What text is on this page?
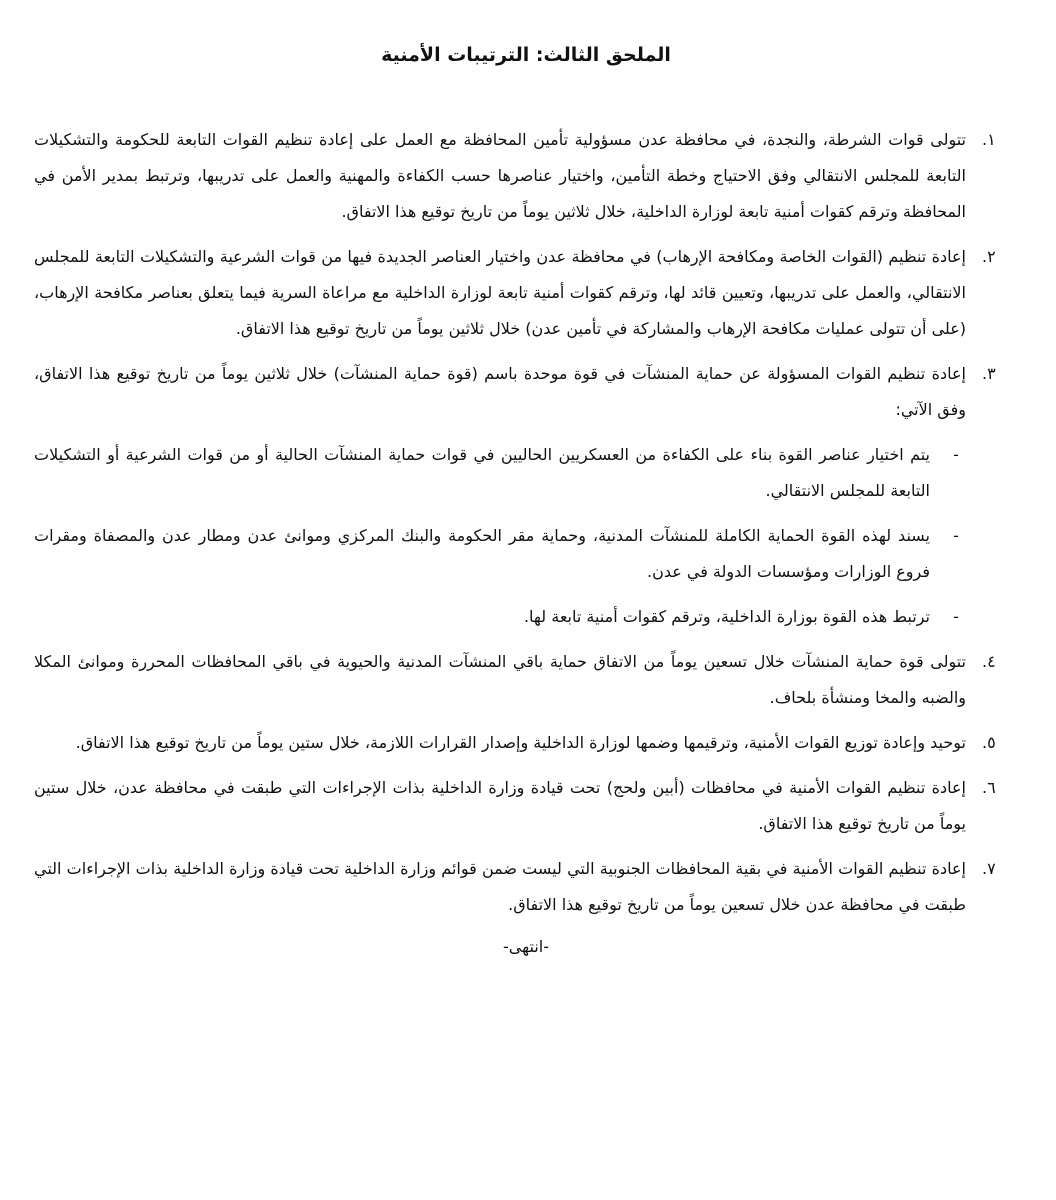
الملحق الثالث: الترتيبات الأمنية
١.
تتولى قوات الشرطة، والنجدة، في محافظة عدن مسؤولية تأمين المحافظة مع العمل على إعادة تنظيم القوات التابعة للحكومة والتشكيلات التابعة للمجلس الانتقالي وفق الاحتياج وخطة التأمين، واختيار عناصرها حسب الكفاءة والمهنية والعمل على تدريبها، وترتبط بمدير الأمن في المحافظة وترقم كقوات أمنية تابعة لوزارة الداخلية، خلال ثلاثين يوماً من تاريخ توقيع هذا الاتفاق.
٢.
إعادة تنظيم (القوات الخاصة ومكافحة الإرهاب) في محافظة عدن واختيار العناصر الجديدة فيها من قوات الشرعية والتشكيلات التابعة للمجلس الانتقالي، والعمل على تدريبها، وتعيين قائد لها، وترقم كقوات أمنية تابعة لوزارة الداخلية مع مراعاة السرية فيما يتعلق بعناصر مكافحة الإرهاب، (على أن تتولى عمليات مكافحة الإرهاب والمشاركة في تأمين عدن) خلال ثلاثين يوماً من تاريخ توقيع هذا الاتفاق.
٣.
إعادة تنظيم القوات المسؤولة عن حماية المنشآت في قوة موحدة باسم (قوة حماية المنشآت) خلال ثلاثين يوماً من تاريخ توقيع هذا الاتفاق، وفق الآتي:
-
يتم اختيار عناصر القوة بناء على الكفاءة من العسكريين الحاليين في قوات حماية المنشآت الحالية أو من قوات الشرعية أو التشكيلات التابعة للمجلس الانتقالي.
-
يسند لهذه القوة الحماية الكاملة للمنشآت المدنية، وحماية مقر الحكومة والبنك المركزي وموانئ عدن ومطار عدن والمصفاة ومقرات فروع الوزارات ومؤسسات الدولة في عدن.
-
ترتبط هذه القوة بوزارة الداخلية، وترقم كقوات أمنية تابعة لها.
٤.
تتولى قوة حماية المنشآت خلال تسعين يوماً من الاتفاق حماية باقي المنشآت المدنية والحيوية في باقي المحافظات المحررة وموانئ المكلا والضبه والمخا ومنشأة بلحاف.
٥.
توحيد وإعادة توزيع القوات الأمنية، وترقيمها وضمها لوزارة الداخلية وإصدار القرارات اللازمة، خلال ستين يوماً من تاريخ توقيع هذا الاتفاق.
٦.
إعادة تنظيم القوات الأمنية في محافظات (أبين ولحج) تحت قيادة وزارة الداخلية بذات الإجراءات التي طبقت في محافظة عدن، خلال ستين يوماً من تاريخ توقيع هذا الاتفاق.
٧.
إعادة تنظيم القوات الأمنية في بقية المحافظات الجنوبية التي ليست ضمن قوائم وزارة الداخلية تحت قيادة وزارة الداخلية بذات الإجراءات التي طبقت في محافظة عدن خلال تسعين يوماً من تاريخ توقيع هذا الاتفاق.
-انتهى-
